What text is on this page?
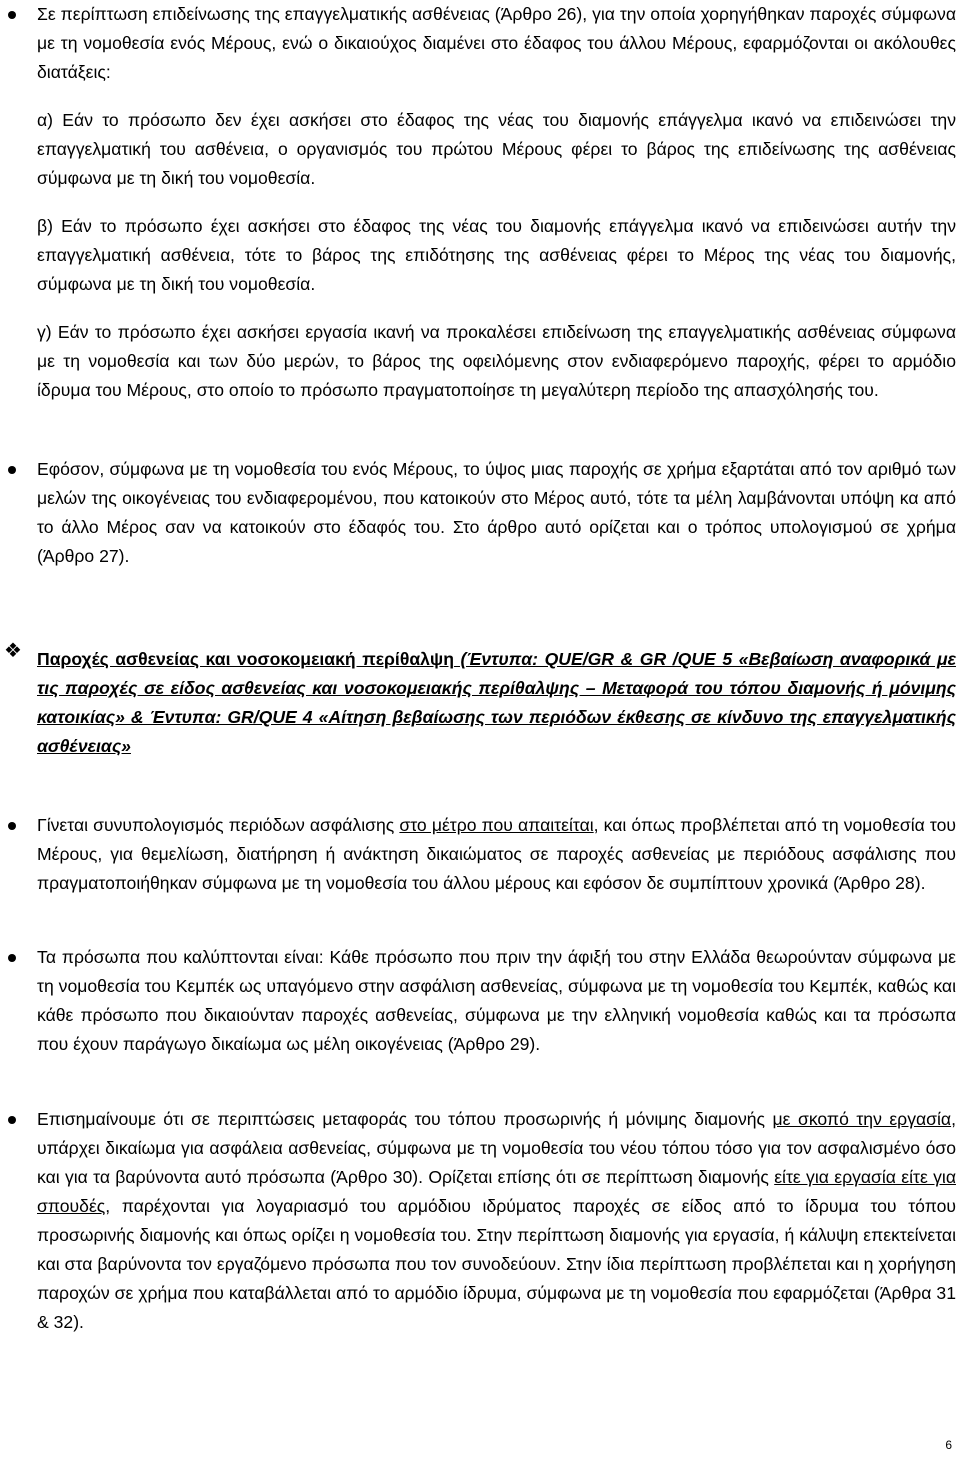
Σε περίπτωση επιδείνωσης της επαγγελματικής ασθένειας (Άρθρο 26), για την οποία χορηγήθηκαν παροχές σύμφωνα με τη νομοθεσία ενός Μέρους, ενώ ο δικαιούχος διαμένει στο έδαφος του άλλου Μέρους, εφαρμόζονται οι ακόλουθες διατάξεις:

α) Εάν το πρόσωπο δεν έχει ασκήσει στο έδαφος της νέας του διαμονής επάγγελμα ικανό να επιδεινώσει την επαγγελματική του ασθένεια, ο οργανισμός του πρώτου Μέρους φέρει το βάρος της επιδείνωσης της ασθένειας σύμφωνα με τη δική του νομοθεσία.

β) Εάν το πρόσωπο έχει ασκήσει στο έδαφος της νέας του διαμονής επάγγελμα ικανό να επιδεινώσει αυτήν την επαγγελματική ασθένεια, τότε το βάρος της επιδότησης της ασθένειας φέρει το Μέρος της νέας του διαμονής, σύμφωνα με τη δική του νομοθεσία.

γ) Εάν το πρόσωπο έχει ασκήσει εργασία ικανή να προκαλέσει επιδείνωση της επαγγελματικής ασθένειας σύμφωνα με τη νομοθεσία και των δύο μερών, το βάρος της οφειλόμενης στον ενδιαφερόμενο παροχής, φέρει το αρμόδιο ίδρυμα του Μέρους, στο οποίο το πρόσωπο πραγματοποίησε τη μεγαλύτερη περίοδο της απασχόλησής του.

Εφόσον, σύμφωνα με τη νομοθεσία του ενός Μέρους, το ύψος μιας παροχής σε χρήμα εξαρτάται από τον αριθμό των μελών της οικογένειας του ενδιαφερομένου, που κατοικούν στο Μέρος αυτό, τότε τα μέλη λαμβάνονται υπόψη κα από το άλλο Μέρος σαν να κατοικούν στο έδαφός του. Στο άρθρο αυτό ορίζεται και ο τρόπος υπολογισμού σε χρήμα (Άρθρο 27).

❖ Παροχές ασθενείας και νοσοκομειακή περίθαλψη (Έντυπα: QUE/GR & GR /QUE 5 «Βεβαίωση αναφορικά με τις παροχές σε είδος ασθενείας και νοσοκομειακής περίθαλψης – Μεταφορά του τόπου διαμονής ή μόνιμης κατοικίας» & Έντυπα: GR/QUE 4 «Αίτηση βεβαίωσης των περιόδων έκθεσης σε κίνδυνο της επαγγελματικής ασθένειας»

Γίνεται συνυπολογισμός περιόδων ασφάλισης στο μέτρο που απαιτείται, και όπως προβλέπεται από τη νομοθεσία του Μέρους, για θεμελίωση, διατήρηση ή ανάκτηση δικαιώματος σε παροχές ασθενείας με περιόδους ασφάλισης που πραγματοποιήθηκαν σύμφωνα με τη νομοθεσία του άλλου μέρους και εφόσον δε συμπίπτουν χρονικά (Άρθρο 28).

Τα πρόσωπα που καλύπτονται είναι: Κάθε πρόσωπο που πριν την άφιξή του στην Ελλάδα θεωρούνταν σύμφωνα με τη νομοθεσία του Κεμπέκ ως υπαγόμενο στην ασφάλιση ασθενείας, σύμφωνα με τη νομοθεσία του Κεμπέκ, καθώς και κάθε πρόσωπο που δικαιούνταν παροχές ασθενείας, σύμφωνα με την ελληνική νομοθεσία καθώς και τα πρόσωπα που έχουν παράγωγο δικαίωμα ως μέλη οικογένειας (Άρθρο 29).

Επισημαίνουμε ότι σε περιπτώσεις μεταφοράς του τόπου προσωρινής ή μόνιμης διαμονής με σκοπό την εργασία, υπάρχει δικαίωμα για ασφάλεια ασθενείας, σύμφωνα με τη νομοθεσία του νέου τόπου τόσο για τον ασφαλισμένο όσο και για τα βαρύνοντα αυτό πρόσωπα (Άρθρο 30). Ορίζεται επίσης ότι σε περίπτωση διαμονής είτε για εργασία είτε για σπουδές, παρέχονται για λογαριασμό του αρμόδιου ιδρύματος παροχές σε είδος από το ίδρυμα του τόπου προσωρινής διαμονής και όπως ορίζει η νομοθεσία του. Στην περίπτωση διαμονής για εργασία, ή κάλυψη επεκτείνεται και στα βαρύνοντα τον εργαζόμενο πρόσωπα που τον συνοδεύουν. Στην ίδια περίπτωση προβλέπεται και η χορήγηση παροχών σε χρήμα που καταβάλλεται από το αρμόδιο ίδρυμα, σύμφωνα με τη νομοθεσία που εφαρμόζεται (Άρθρα 31 & 32).

6
